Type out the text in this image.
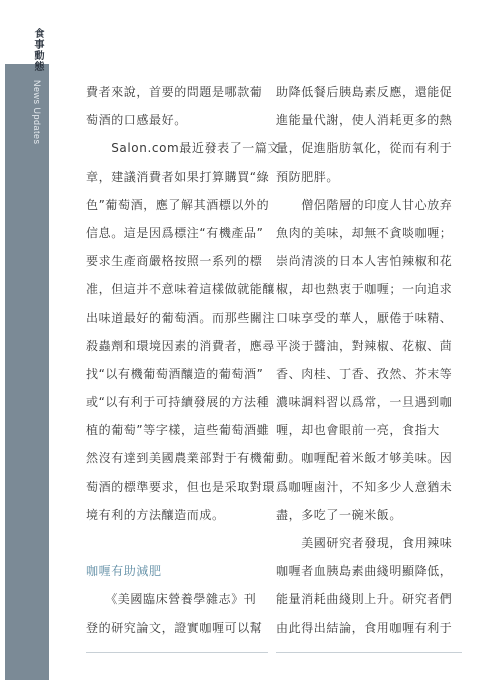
食事動態 News Updates	費者來說，首要的問題是哪款葡
萄酒的口感最好。
　　Salon.com最近發表了一篇文
章，建議消費者如果打算購買“綠
色”葡萄酒，應了解其酒標以外的
信息。這是因爲標注“有機產品”
要求生產商嚴格按照一系列的標
准，但這并不意味着這樣做就能釀
出味道最好的葡萄酒。而那些關注
殺蟲劑和環境因素的消費者，應尋
找“以有機葡萄酒釀造的葡萄酒”
或“以有利于可持續發展的方法種
植的葡萄”等字樣，這些葡萄酒雖
然沒有達到美國農業部對于有機葡
萄酒的標準要求，但也是采取對環
境有利的方法釀造而成。
咖喱有助減肥
　　《美國臨床營養學雜志》刊
登的研究論文，證實咖喱可以幫
助降低餐后胰島素反應，還能促
進能量代謝，使人消耗更多的熱
量，促進脂肪氧化，從而有利于
預防肥胖。
　　僧侶階層的印度人甘心放弃
魚肉的美味，却無不貪啖咖喱；
崇尚清淡的日本人害怕辣椒和花
椒，却也熱衷于咖喱；一向追求
口味享受的華人，厭倦于味精、
平淡于醬油，對辣椒、花椒、茴
香、肉桂、丁香、孜然、芥末等
濃味調料習以爲常，一旦遇到咖
喱，却也會眼前一亮，食指大
動。咖喱配着米飯才够美味。因
爲咖喱鹵汁，不知多少人意猶未
盡，多吃了一碗米飯。
　　美國研究者發現，食用辣味
咖喱者血胰島素曲綫明顯降低，
能量消耗曲綫則上升。研究者們
由此得出結論，食用咖喱有利于
